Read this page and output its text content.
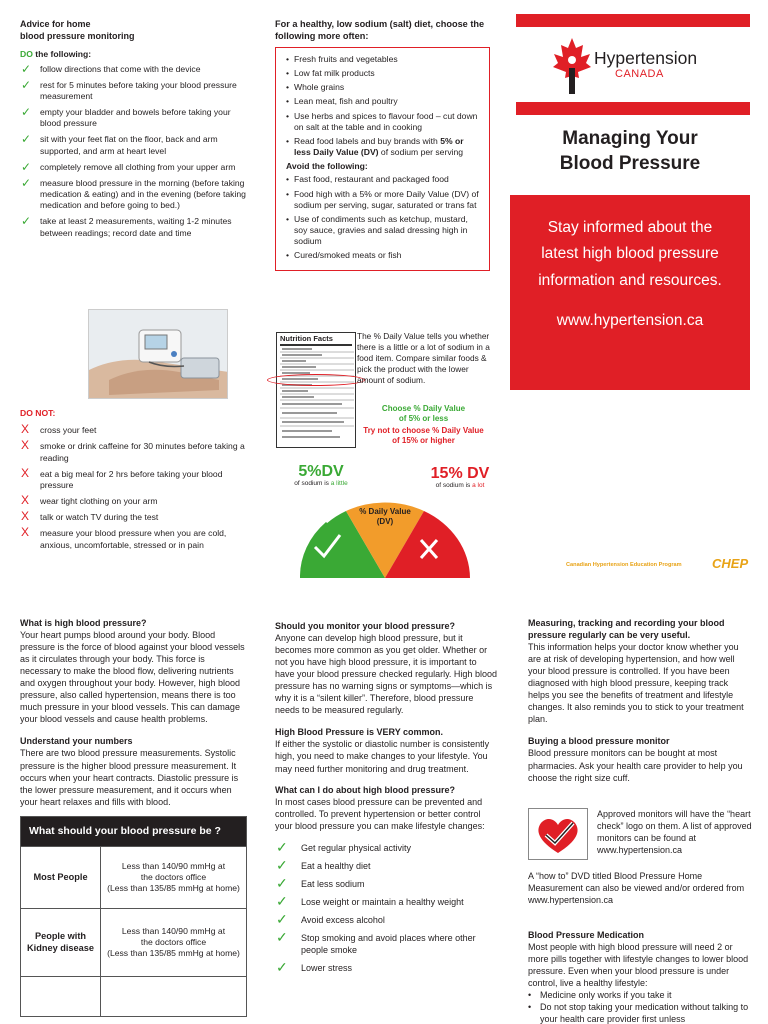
Advice for home
blood pressure monitoring
DO the following:
✓ follow directions that come with the device
✓ rest for 5 minutes before taking your blood pressure measurement
✓ empty your bladder and bowels before taking your blood pressure
✓ sit with your feet flat on the floor, back and arm supported, and arm at heart level
✓ completely remove all clothing from your upper arm
✓ measure blood pressure in the morning (before taking medication & eating) and in the evening (before taking medication and before going to bed.)
✓ take at least 2 measurements, waiting 1-2 minutes between readings; record date and time
DO NOT:
X cross your feet
X smoke or drink caffeine for 30 minutes before taking a reading
X eat a big meal for 2 hrs before taking your blood pressure
X wear tight clothing on your arm
X talk or watch TV during the test
X measure your blood pressure when you are cold, anxious, uncomfortable, stressed or in pain
For a healthy, low sodium (salt) diet, choose the following more often:
• Fresh fruits and vegetables
• Low fat milk products
• Whole grains
• Lean meat, fish and poultry
• Use herbs and spices to flavour food – cut down on salt at the table and in cooking
• Read food labels and buy brands with 5% or less Daily Value (DV) of sodium per serving
Avoid the following:
• Fast food, restaurant and packaged food
• Food high with a 5% or more Daily Value (DV) of sodium per serving, sugar, saturated or trans fat
• Use of condiments such as ketchup, mustard, soy sauce, gravies and salad dressing high in sodium
• Cured/smoked meats or fish
Nutrition Facts	The % Daily Value tells you whether there is a little or a lot of sodium in a food item. Compare similar foods & pick the product with the lower amount of sodium.
Choose % Daily Value
of 5% or less
Try not to choose % Daily Value
of 15% or higher
5%DV
of sodium is a little
15% DV
of sodium is a lot
% Daily Value
(DV)
Hypertension
CANADA
Managing Your
Blood Pressure
Stay informed about the
latest high blood pressure
information and resources.
www.hypertension.ca
Canadian Hypertension Education Program CHEP
What is high blood pressure?
Your heart pumps blood around your body. Blood pressure is the force of blood against your blood vessels as it circulates through your body. This force is necessary to make the blood flow, delivering nutrients and oxygen throughout your body. However, high blood pressure, also called hypertension, means there is too much pressure in your blood vessels. This can damage your blood vessels and cause health problems.
Understand your numbers
There are two blood pressure measurements. Systolic pressure is the higher blood pressure measurement. It occurs when your heart contracts. Diastolic pressure is the lower pressure measurement, and it occurs when your heart relaxes and fills with blood.
What should your blood pressure be ?	
Most People	Less than 140/90 mmHg at
the doctors office
(Less than 135/85 mmHg at home)

People with Kidney disease	Less than 140/90 mmHg at
the doctors office
(Less than 135/85 mmHg at home)

Should you monitor your blood pressure?
Anyone can develop high blood pressure, but it becomes more common as you get older. Whether or not you have high blood pressure, it is important to have your blood pressure checked regularly. High blood pressure has no warning signs or symptoms—which is why it is a “silent killer”. Therefore, blood pressure needs to be measured regularly.
High Blood Pressure is VERY common.
If either the systolic or diastolic number is consistently high, you need to make changes to your lifestyle. You may need further monitoring and drug treatment.
What can I do about high blood pressure?
In most cases blood pressure can be prevented and controlled. To prevent hypertension or better control your blood pressure you can make lifestyle changes:
✓	Get regular physical activity
✓	Eat a healthy diet
✓	Eat less sodium
✓	Lose weight or maintain a healthy weight
✓	Avoid excess alcohol
✓	Stop smoking and avoid places where other people smoke
✓	Lower stress
Measuring, tracking and recording your blood pressure regularly can be very useful.
This information helps your doctor know whether you are at risk of developing hypertension, and how well your blood pressure is controlled. If you have been diagnosed with high blood pressure, keeping track helps you see the benefits of treatment and lifestyle changes. It also reminds you to stick to your treatment plan.
Buying a blood pressure monitor
Blood pressure monitors can be bought at most pharmacies. Ask your health care provider to help you choose the right size cuff.
Approved monitors will have the “heart check” logo on them. A list of approved monitors can be found at www.hypertension.ca
A “how to” DVD titled Blood Pressure Home Measurement can also be viewed and/or ordered from www.hypertension.ca
Blood Pressure Medication
Most people with high blood pressure will need 2 or more pills together with lifestyle changes to lower blood pressure. Even when your blood pressure is under control, live a healthy lifestyle:
• Medicine only works if you take it
• Do not stop taking your medication without talking to your health care provider first unless
